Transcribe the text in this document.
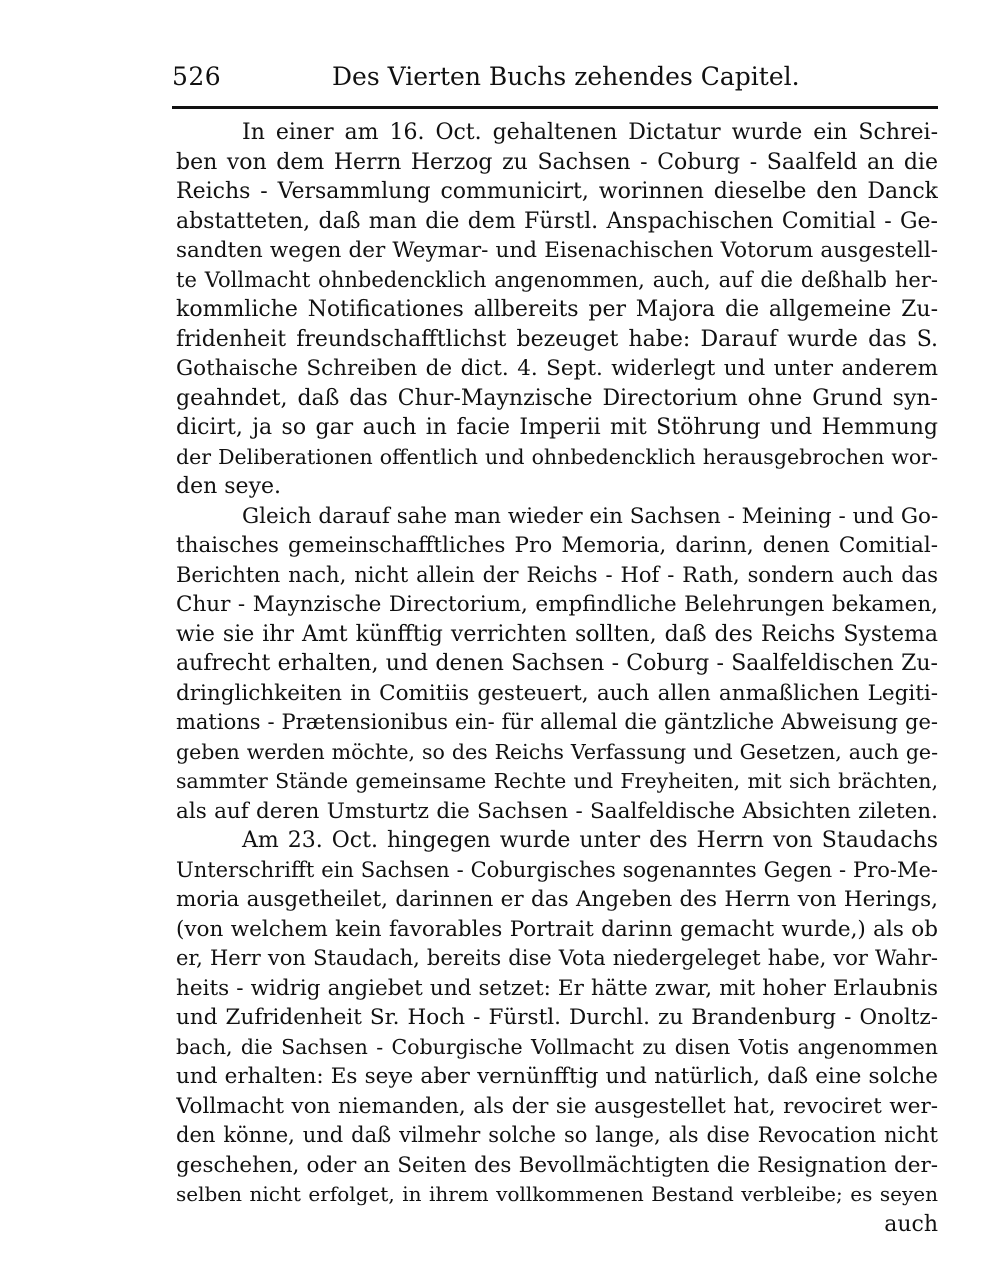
526	Des Vierten Buchs zehendes Capitel.
In einer am 16. Oct. gehaltenen Dictatur wurde ein Schrei-
ben von dem Herrn Herzog zu Sachsen - Coburg - Saalfeld an die
Reichs - Versammlung communicirt, worinnen dieselbe den Danck
abstatteten, daß man die dem Fürstl. Anspachischen Comitial - Ge-
sandten wegen der Weymar- und Eisenachischen Votorum ausgestell-
te Vollmacht ohnbedencklich angenommen, auch, auf die deßhalb her-
kommliche Notificationes allbereits per Majora die allgemeine Zu-
fridenheit freundschafftlichst bezeuget habe: Darauf wurde das S.
Gothaische Schreiben de dict. 4. Sept. widerlegt und unter anderem
geahndet, daß das Chur-Maynzische Directorium ohne Grund syn-
dicirt, ja so gar auch in facie Imperii mit Stöhrung und Hemmung
der Deliberationen offentlich und ohnbedencklich herausgebrochen wor-
den seye.
Gleich darauf sahe man wieder ein Sachsen - Meining - und Go-
thaisches gemeinschafftliches Pro Memoria, darinn, denen Comitial-
Berichten nach, nicht allein der Reichs - Hof - Rath, sondern auch das
Chur - Maynzische Directorium, empfindliche Belehrungen bekamen,
wie sie ihr Amt künfftig verrichten sollten, daß des Reichs Systema
aufrecht erhalten, und denen Sachsen - Coburg - Saalfeldischen Zu-
dringlichkeiten in Comitiis gesteuert, auch allen anmaßlichen Legiti-
mations - Prætensionibus ein- für allemal die gäntzliche Abweisung ge-
geben werden möchte, so des Reichs Verfassung und Gesetzen, auch ge-
sammter Stände gemeinsame Rechte und Freyheiten, mit sich brächten,
als auf deren Umsturtz die Sachsen - Saalfeldische Absichten zileten.
Am 23. Oct. hingegen wurde unter des Herrn von Staudachs
Unterschrifft ein Sachsen - Coburgisches sogenanntes Gegen - Pro-Me-
moria ausgetheilet, darinnen er das Angeben des Herrn von Herings,
(von welchem kein favorables Portrait darinn gemacht wurde,) als ob
er, Herr von Staudach, bereits dise Vota niedergeleget habe, vor Wahr-
heits - widrig angiebet und setzet: Er hätte zwar, mit hoher Erlaubnis
und Zufridenheit Sr. Hoch - Fürstl. Durchl. zu Brandenburg - Onoltz-
bach, die Sachsen - Coburgische Vollmacht zu disen Votis angenommen
und erhalten: Es seye aber vernünfftig und natürlich, daß eine solche
Vollmacht von niemanden, als der sie ausgestellet hat, revociret wer-
den könne, und daß vilmehr solche so lange, als dise Revocation nicht
geschehen, oder an Seiten des Bevollmächtigten die Resignation der-
selben nicht erfolget, in ihrem vollkommenen Bestand verbleibe; es seyen
auch
